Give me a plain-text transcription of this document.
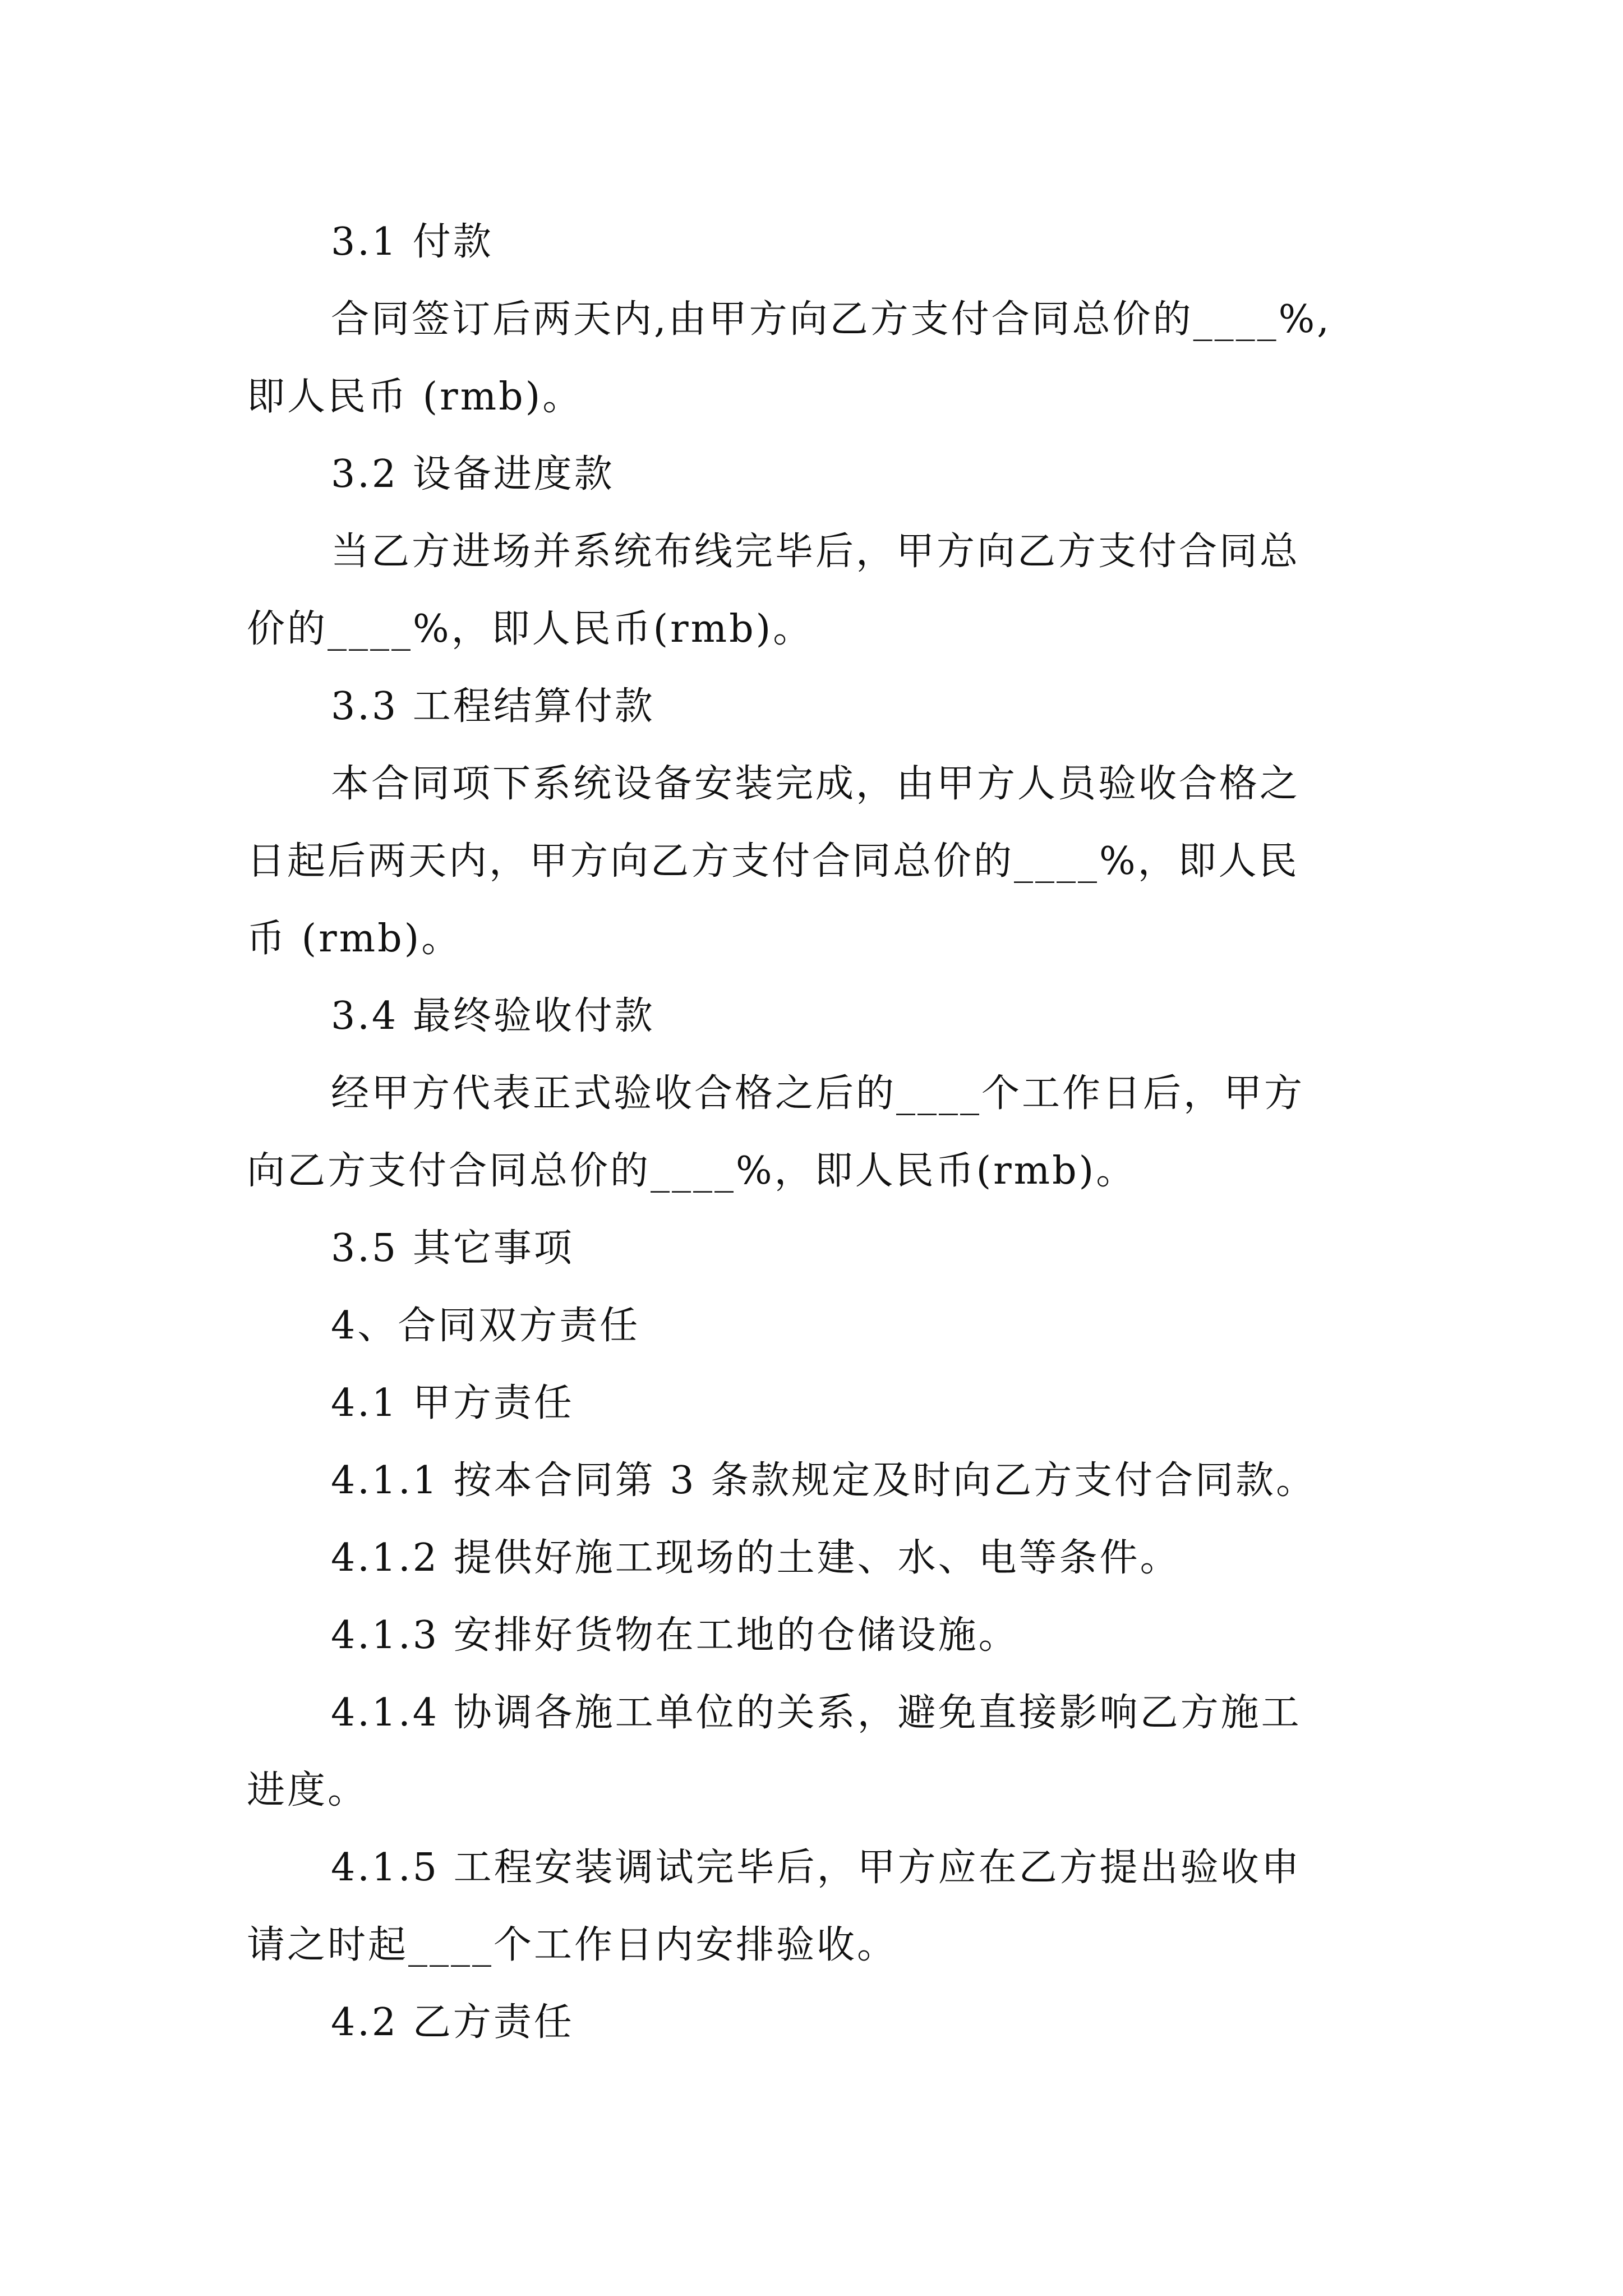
3.1 付款
合同签订后两天内,由甲方向乙方支付合同总价的____%,
即人民币 (rmb)。
3.2 设备进度款
当乙方进场并系统布线完毕后，甲方向乙方支付合同总
价的____%，即人民币(rmb)。
3.3 工程结算付款
本合同项下系统设备安装完成，由甲方人员验收合格之
日起后两天内，甲方向乙方支付合同总价的____%，即人民
币 (rmb)。
3.4 最终验收付款
经甲方代表正式验收合格之后的____个工作日后，甲方
向乙方支付合同总价的____%，即人民币(rmb)。
3.5 其它事项
4、合同双方责任
4.1 甲方责任
4.1.1 按本合同第 3 条款规定及时向乙方支付合同款。
4.1.2 提供好施工现场的土建、水、电等条件。
4.1.3 安排好货物在工地的仓储设施。
4.1.4 协调各施工单位的关系，避免直接影响乙方施工
进度。
4.1.5 工程安装调试完毕后，甲方应在乙方提出验收申
请之时起____个工作日内安排验收。
4.2 乙方责任
